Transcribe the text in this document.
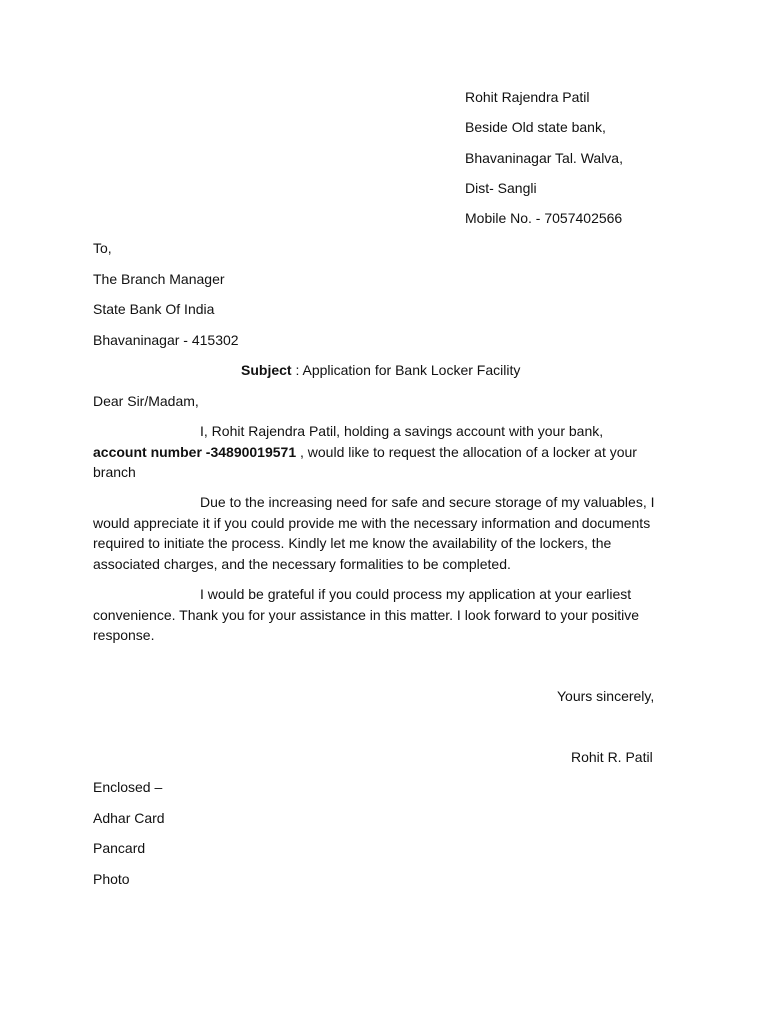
Rohit Rajendra Patil
Beside Old state bank,
Bhavaninagar Tal. Walva,
Dist- Sangli
Mobile No. - 7057402566
To,
The Branch Manager
State Bank Of India
Bhavaninagar - 415302
Subject : Application for Bank Locker Facility
Dear Sir/Madam,

I, Rohit Rajendra Patil, holding a savings account with your bank,

account number -34890019571 , would like to request the allocation of a locker at your branch

Due to the increasing need for safe and secure storage of my valuables, I would appreciate it if you could provide me with the necessary information and documents required to initiate the process. Kindly let me know the availability of the lockers, the associated charges, and the necessary formalities to be completed.

I would be grateful if you could process my application at your earliest convenience. Thank you for your assistance in this matter. I look forward to your positive response.

Yours sincerely,
Rohit R. Patil
Enclosed –
Adhar Card
Pancard
Photo
